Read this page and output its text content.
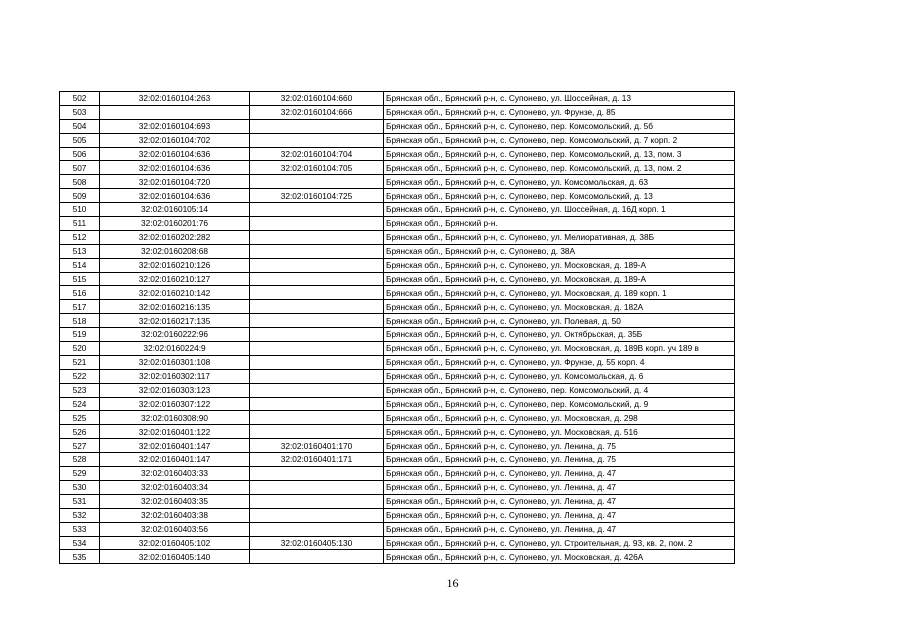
502	32:02:0160104:263	32:02:0160104:660	Брянская обл., Брянский р-н, с. Супонево, ул. Шоссейная, д. 13
503		32:02:0160104:666	Брянская обл., Брянский р-н, с. Супонево, ул. Фрунзе, д. 85
504	32:02:0160104:693		Брянская обл., Брянский р-н, с. Супонево, пер. Комсомольский, д. 5б
505	32:02:0160104:702		Брянская обл., Брянский р-н, с. Супонево, пер. Комсомольский, д. 7 корп. 2
506	32:02:0160104:636	32:02:0160104:704	Брянская обл., Брянский р-н, с. Супонево, пер. Комсомольский, д. 13, пом. 3
507	32:02:0160104:636	32:02:0160104:705	Брянская обл., Брянский р-н, с. Супонево, пер. Комсомольский, д. 13, пом. 2
508	32:02:0160104:720		Брянская обл., Брянский р-н, с. Супонево, ул. Комсомольская, д. 63
509	32:02:0160104:636	32:02:0160104:725	Брянская обл., Брянский р-н, с. Супонево, пер. Комсомольский, д. 13
510	32:02:0160105:14		Брянская обл., Брянский р-н, с. Супонево, ул. Шоссейная, д. 16Д корп. 1
511	32:02:0160201:76		Брянская обл., Брянский р-н.
512	32:02:0160202:282		Брянская обл., Брянский р-н, с. Супонево, ул. Мелиоративная, д. 38Б
513	32:02:0160208:68		Брянская обл., Брянский р-н, с. Супонево, д. 38А
514	32:02:0160210:126		Брянская обл., Брянский р-н, с. Супонево, ул. Московская, д. 189-А
515	32:02:0160210:127		Брянская обл., Брянский р-н, с. Супонево, ул. Московская, д. 189-А
516	32:02:0160210:142		Брянская обл., Брянский р-н, с. Супонево, ул. Московская, д. 189 корп. 1
517	32:02:0160216:135		Брянская обл., Брянский р-н, с. Супонево, ул. Московская, д. 182А
518	32:02:0160217:135		Брянская обл., Брянский р-н, с. Супонево, ул. Полевая, д. 50
519	32:02:0160222:96		Брянская обл., Брянский р-н, с. Супонево, ул. Октябрьская, д. 35Б
520	32:02:0160224:9		Брянская обл., Брянский р-н, с. Супонево, ул. Московская, д. 189В корп. уч 189 в
521	32:02:0160301:108		Брянская обл., Брянский р-н, с. Супонево, ул. Фрунзе, д. 55 корп. 4
522	32:02:0160302:117		Брянская обл., Брянский р-н, с. Супонево, ул. Комсомольская, д. 6
523	32:02:0160303:123		Брянская обл., Брянский р-н, с. Супонево, пер. Комсомольский, д. 4
524	32:02:0160307:122		Брянская обл., Брянский р-н, с. Супонево, пер. Комсомольский, д. 9
525	32:02:0160308:90		Брянская обл., Брянский р-н, с. Супонево, ул. Московская, д. 298
526	32:02:0160401:122		Брянская обл., Брянский р-н, с. Супонево, ул. Московская, д. 516
527	32:02:0160401:147	32:02:0160401:170	Брянская обл., Брянский р-н, с. Супонево, ул. Ленина, д. 75
528	32:02:0160401:147	32:02:0160401:171	Брянская обл., Брянский р-н, с. Супонево, ул. Ленина, д. 75
529	32:02:0160403:33		Брянская обл., Брянский р-н, с. Супонево, ул. Ленина, д. 47
530	32:02:0160403:34		Брянская обл., Брянский р-н, с. Супонево, ул. Ленина, д. 47
531	32:02:0160403:35		Брянская обл., Брянский р-н, с. Супонево, ул. Ленина, д. 47
532	32:02:0160403:38		Брянская обл., Брянский р-н, с. Супонево, ул. Ленина, д. 47
533	32:02:0160403:56		Брянская обл., Брянский р-н, с. Супонево, ул. Ленина, д. 47
534	32:02:0160405:102	32:02:0160405:130	Брянская обл., Брянский р-н, с. Супонево, ул. Строительная, д. 93, кв. 2, пом. 2
535	32:02:0160405:140		Брянская обл., Брянский р-н, с. Супонево, ул. Московская, д. 426А
16
